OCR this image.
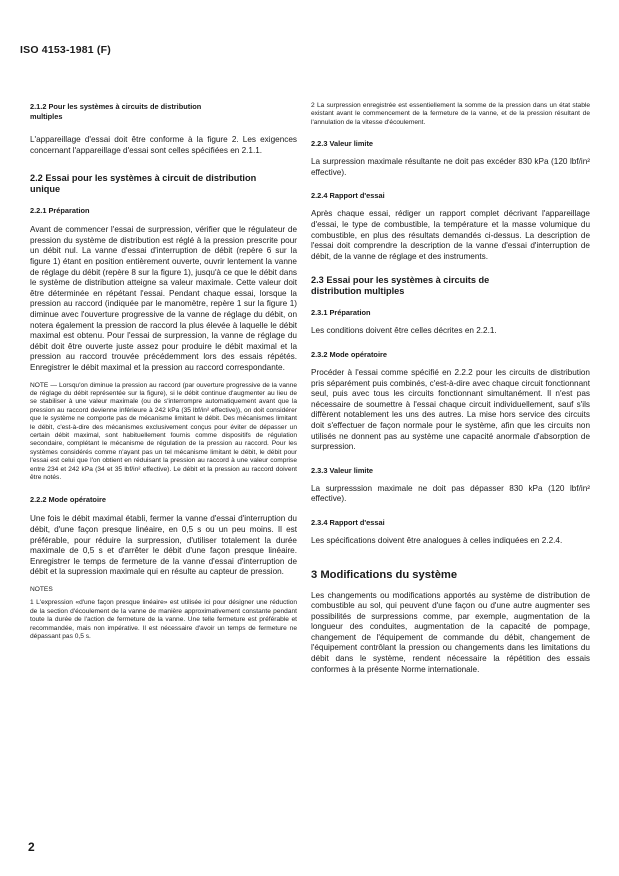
ISO 4153-1981 (F)
2.1.2 Pour les systèmes à circuits de distribution multiples

L'appareillage d'essai doit être conforme à la figure 2. Les exigences concernant l'appareillage d'essai sont celles spécifiées en 2.1.1.

2.2 Essai pour les systèmes à circuit de distribution unique
2.2.1 Préparation

Avant de commencer l'essai de surpression, vérifier que le régulateur de pression du système de distribution est réglé à la pression prescrite pour un débit nul. La vanne d'essai d'interruption de débit (repère 6 sur la figure 1) étant en position entièrement ouverte, ouvrir lentement la vanne de réglage du débit (repère 8 sur la figure 1), jusqu'à ce que le débit dans le système de distribution atteigne sa valeur maximale. Cette valeur doit être déterminée en répétant l'essai. Pendant chaque essai, lorsque la pression au raccord (indiquée par le manomètre, repère 1 sur la figure 1) diminue avec l'ouverture progressive de la vanne de réglage du débit, on notera également la pression de raccord la plus élevée à laquelle le débit maximal est obtenu. Pour l'essai de surpression, la vanne de réglage du débit doit être ouverte juste assez pour produire le débit maximal et la pression au raccord trouvée précédemment lors des essais répétés. Enregistrer le débit maximal et la pression au raccord correspondante.

NOTE — Lorsqu'on diminue la pression au raccord (par ouverture progressive de la vanne de réglage du débit représentée sur la figure), si le débit continue d'augmenter au lieu de se stabiliser à une valeur maximale (ou de s'interrompre automatiquement avant que la pression au raccord devienne inférieure à 242 kPa (35 lbf/in² effective)), on doit considérer que le système ne comporte pas de mécanisme limitant le débit. Des mécanismes limitant le débit, c'est-à-dire des mécanismes exclusivement conçus pour éviter de dépasser un certain débit maximal, sont habituellement fournis comme dispositifs de régulation secondaire, complétant le mécanisme de régulation de la pression au raccord. Pour les systèmes considérés comme n'ayant pas un tel mécanisme limitant le débit, le débit pour l'essai est celui que l'on obtient en réduisant la pression au raccord à une valeur comprise entre 234 et 242 kPa (34 et 35 lbf/in² effective). Le débit et la pression au raccord doivent être notés.

2.2.2 Mode opératoire

Une fois le débit maximal établi, fermer la vanne d'essai d'interruption du débit, d'une façon presque linéaire, en 0,5 s ou un peu moins. Il est préférable, pour réduire la surpression, d'utiliser totalement la durée maximale de 0,5 s et d'arrêter le débit d'une façon presque linéaire. Enregistrer le temps de fermeture de la vanne d'essai d'interruption de débit et la supression maximale qui en résulte au capteur de pression.

NOTES

1 L'expression «d'une façon presque linéaire» est utilisée ici pour désigner une réduction de la section d'écoulement de la vanne de manière approximativement constante pendant toute la durée de l'action de fermeture de la vanne. Une telle fermeture est préférable et recommandée, mais non impérative. Il est nécessaire d'avoir un temps de fermeture ne dépassant pas 0,5 s.

2 La surpression enregistrée est essentiellement la somme de la pression dans un état stable existant avant le commencement de la fermeture de la vanne, et de la pression résultant de l'annulation de la vitesse d'écoulement.

2.2.3 Valeur limite

La surpression maximale résultante ne doit pas excéder 830 kPa (120 lbf/in² effective).

2.2.4 Rapport d'essai

Après chaque essai, rédiger un rapport complet décrivant l'appareillage d'essai, le type de combustible, la température et la masse volumique du combustible, en plus des résultats demandés ci-dessus. La description de l'essai doit comprendre la description de la vanne d'essai d'interruption de débit, de la vanne de réglage et des instruments.

2.3 Essai pour les systèmes à circuits de distribution multiples
2.3.1 Préparation

Les conditions doivent être celles décrites en 2.2.1.

2.3.2 Mode opératoire

Procéder à l'essai comme spécifié en 2.2.2 pour les circuits de distribution pris séparément puis combinés, c'est-à-dire avec chaque circuit fonctionnant seul, puis avec tous les circuits fonctionnant simultanément. Il n'est pas nécessaire de soumettre à l'essai chaque circuit individuellement, sauf s'ils diffèrent notablement les uns des autres. La mise hors service des circuits doit s'effectuer de façon normale pour le système, afin que les circuits non utilisés ne donnent pas au système une capacité anormale d'absorption de surpression.

2.3.3 Valeur limite

La surpresssion maximale ne doit pas dépasser 830 kPa (120 lbf/in² effective).

2.3.4 Rapport d'essai

Les spécifications doivent être analogues à celles indiquées en 2.2.4.

3 Modifications du système

Les changements ou modifications apportés au système de distribution de combustible au sol, qui peuvent d'une façon ou d'une autre augmenter ses possibilités de surpressions comme, par exemple, augmentation de la longueur des conduites, augmentation de la capacité de pompage, changement de l'équipement de commande du débit, changement de l'équipement contrôlant la pression ou changements dans les limitations du débit dans le système, rendent nécessaire la répétition des essais conformes à la présente Norme internationale.

2
